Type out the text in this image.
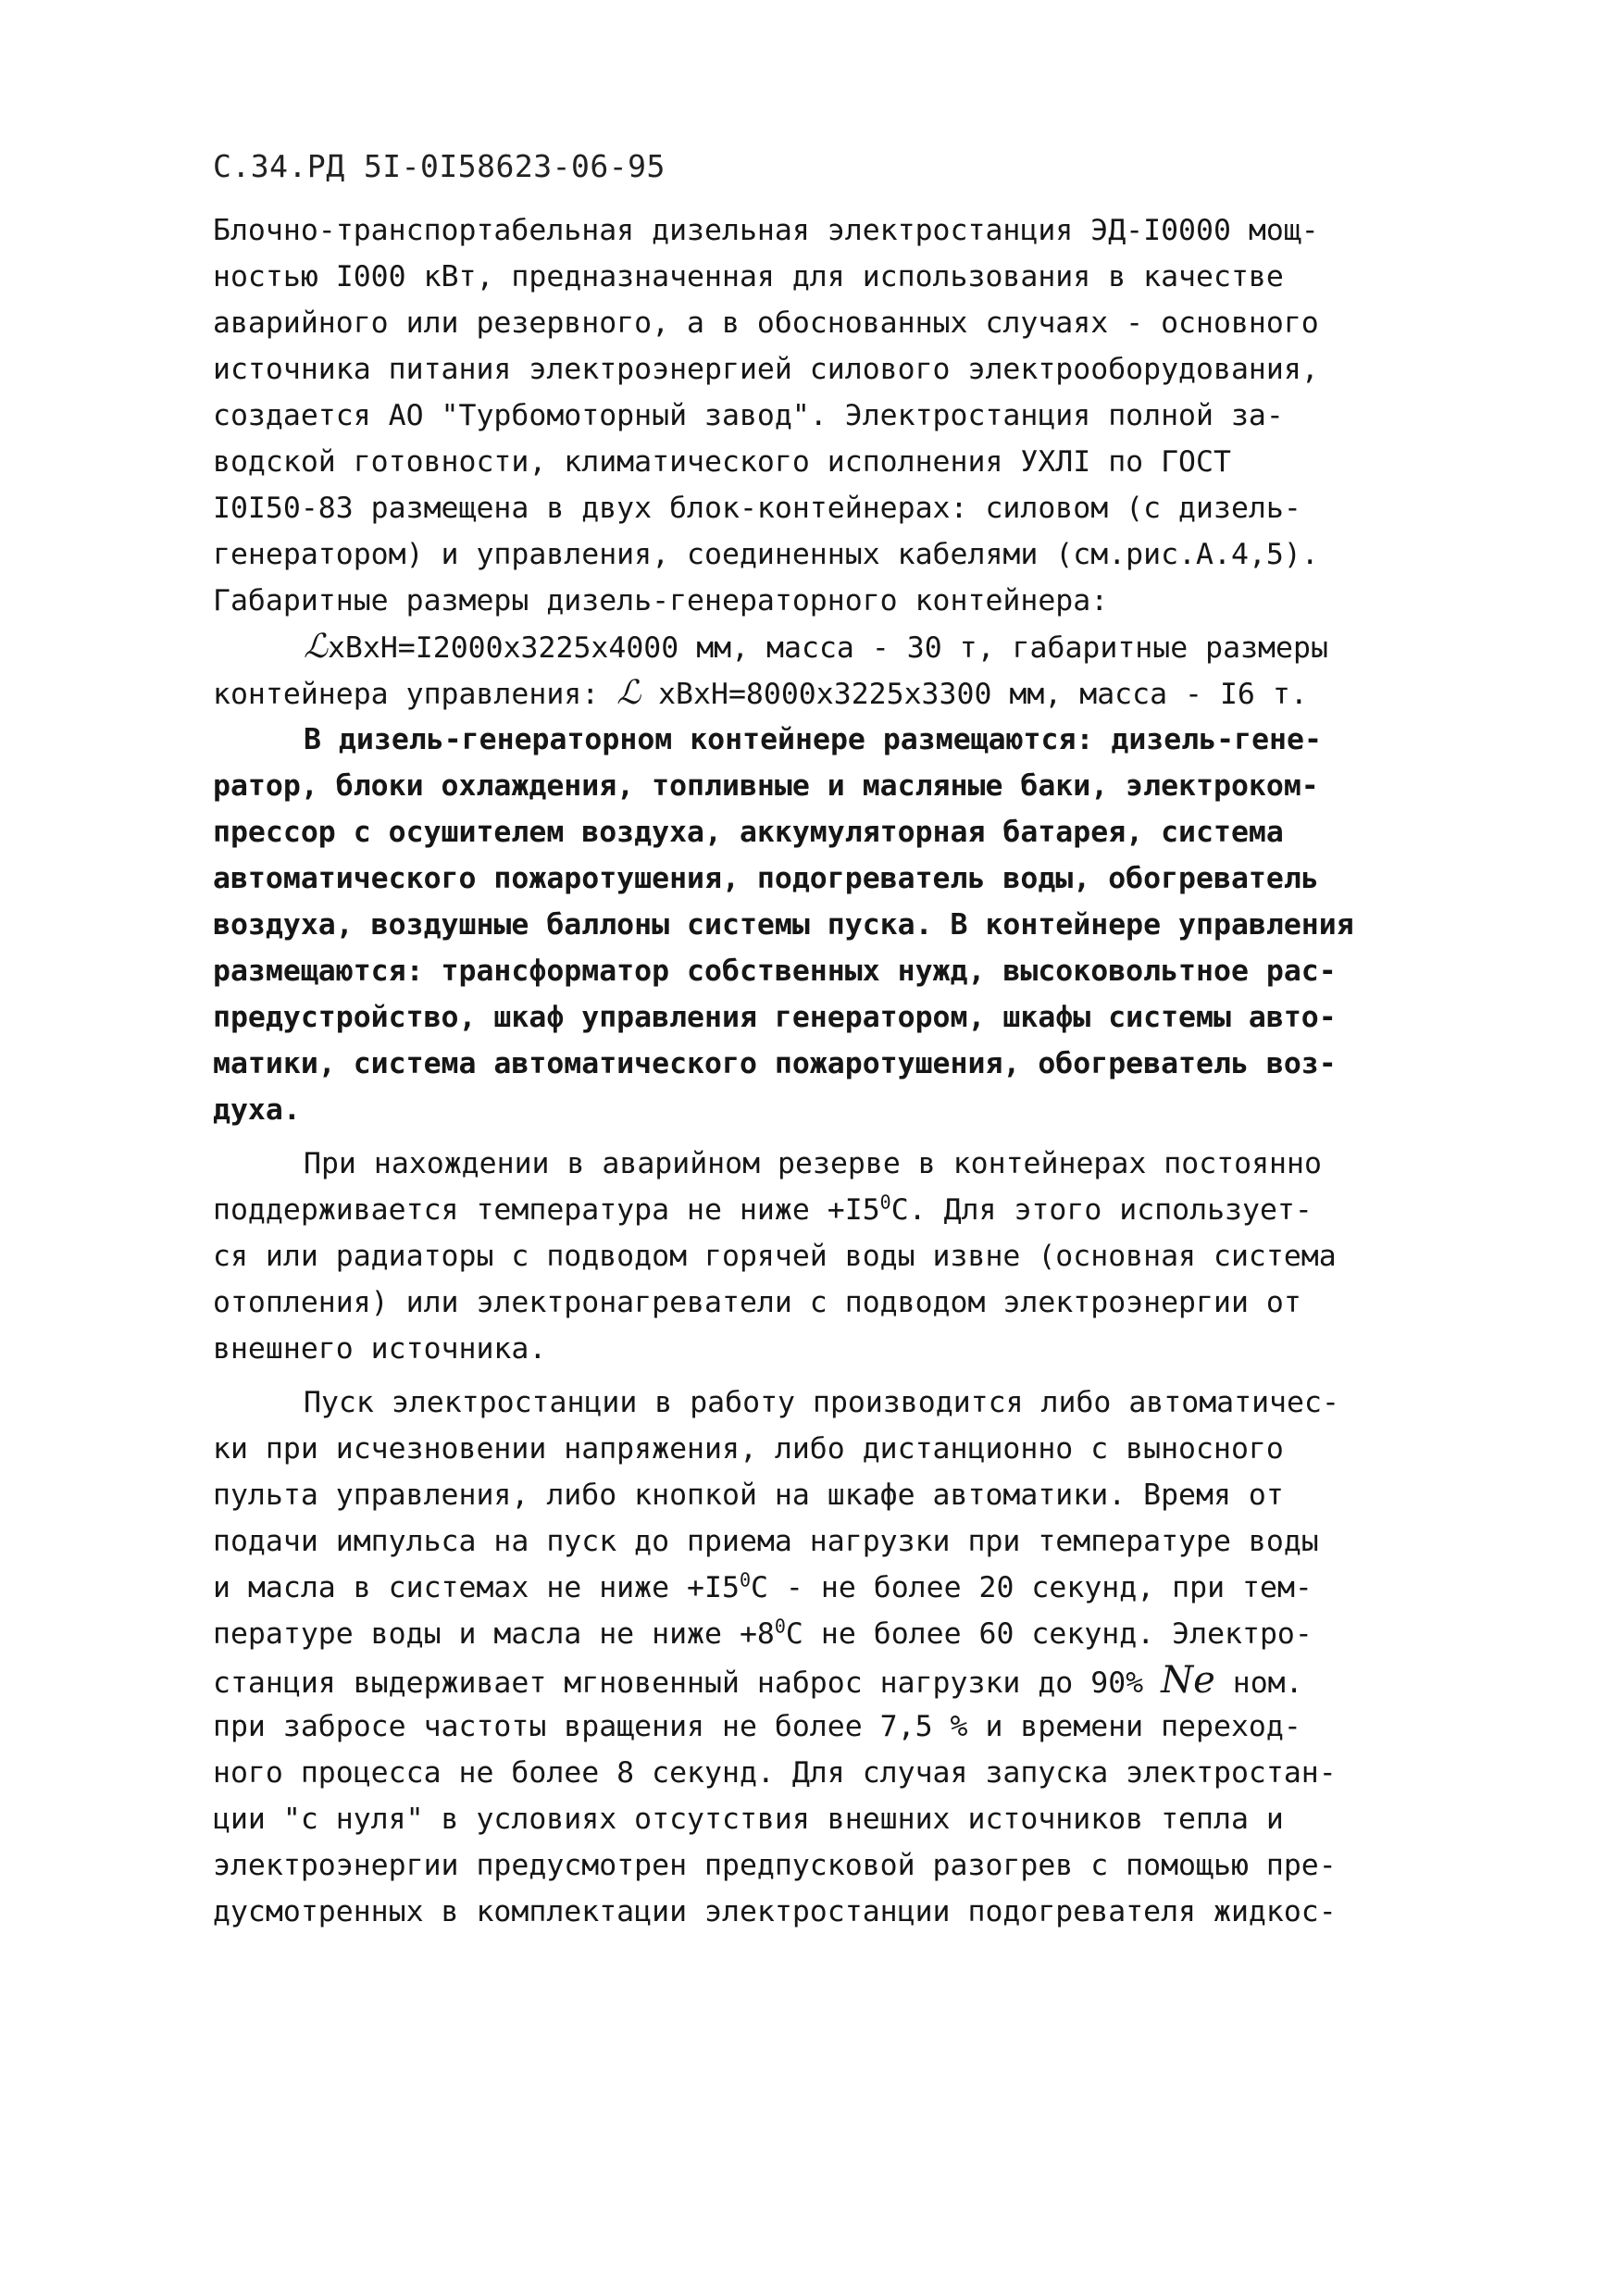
С.34.РД 5I-0I58623-06-95
Блочно-транспортабельная дизельная электростанция ЭД-I0000 мощ-
ностью I000 кВт, предназначенная для использования в качестве
аварийного или резервного, а в обоснованных случаях - основного
источника питания электроэнергией силового электрооборудования,
создается АО "Турбомоторный завод". Электростанция полной за-
водской готовности, климатического исполнения УХЛI по ГОСТ
I0I50-83 размещена в двух блок-контейнерах: силовом (с дизель-
генератором) и управления, соединенных кабелями (см.рис.А.4,5).
Габаритные размеры дизель-генераторного контейнера:
ℒxВxН=I2000x3225x4000 мм, масса - 30 т, габаритные размеры
контейнера управления: ℒ xВxН=8000x3225x3300 мм, масса - I6 т.
В дизель-генераторном контейнере размещаются: дизель-гене-
ратор, блоки охлаждения, топливные и масляные баки, электроком-
прессор с осушителем воздуха, аккумуляторная батарея, система
автоматического пожаротушения, подогреватель воды, обогреватель
воздуха, воздушные баллоны системы пуска. В контейнере управления
размещаются: трансформатор собственных нужд, высоковольтное рас-
предустройство, шкаф управления генератором, шкафы системы авто-
матики, система автоматического пожаротушения, обогреватель воз-
духа.
При нахождении в аварийном резерве в контейнерах постоянно
поддерживается температура не ниже $+I5^0С$. Для этого использует-
ся или радиаторы с подводом горячей воды извне (основная система
отопления) или электронагреватели с подводом электроэнергии от
внешнего источника.
Пуск электростанции в работу производится либо автоматичес-
ки при исчезновении напряжения, либо дистанционно с выносного
пульта управления, либо кнопкой на шкафе автоматики. Время от
подачи импульса на пуск до приема нагрузки при температуре воды
и масла в системах не ниже $+I5^0С$ - не более 20 секунд, при тем-
пературе воды и масла не ниже $+8^0С$ не более 60 секунд. Электро-
станция выдерживает мгновенный наброс нагрузки до 90% Nе ном.
при забросе частоты вращения не более 7,5 % и времени переход-
ного процесса не более 8 секунд. Для случая запуска электростан-
ции "с нуля" в условиях отсутствия внешних источников тепла и
электроэнергии предусмотрен предпусковой разогрев с помощью пре-
дусмотренных в комплектации электростанции подогревателя жидкос-
